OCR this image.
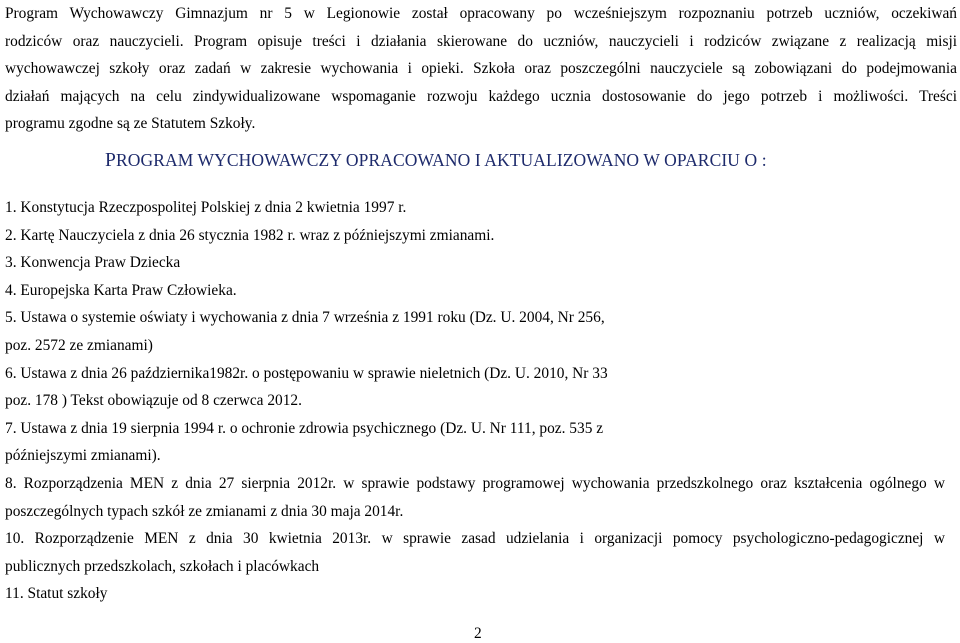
Program Wychowawczy Gimnazjum nr 5 w Legionowie został opracowany po wcześniejszym rozpoznaniu potrzeb uczniów, oczekiwań
rodziców oraz nauczycieli. Program opisuje treści i działania skierowane do uczniów, nauczycieli i rodziców związane z realizacją misji
wychowawczej szkoły oraz zadań w zakresie wychowania i opieki. Szkoła oraz poszczególni nauczyciele są zobowiązani do podejmowania
działań mających na celu zindywidualizowane wspomaganie rozwoju każdego ucznia dostosowanie do jego potrzeb i możliwości. Treści
programu zgodne są ze Statutem Szkoły.

PROGRAM WYCHOWAWCZY OPRACOWANO I AKTUALIZOWANO W OPARCIU O :
1. Konstytucja Rzeczpospolitej Polskiej z dnia 2 kwietnia 1997 r.
2. Kartę Nauczyciela z dnia 26 stycznia 1982 r. wraz z późniejszymi zmianami.
3. Konwencja Praw Dziecka
4. Europejska Karta Praw Człowieka.
5. Ustawa o systemie oświaty i wychowania z dnia 7 września z 1991 roku (Dz. U. 2004, Nr 256,
poz. 2572 ze zmianami)
6. Ustawa z dnia 26 października1982r. o postępowaniu w sprawie nieletnich (Dz. U. 2010, Nr 33
poz. 178 ) Tekst obowiązuje od 8 czerwca 2012.
7. Ustawa z dnia 19 sierpnia 1994 r. o ochronie zdrowia psychicznego (Dz. U. Nr 111, poz. 535 z
późniejszymi zmianami).
8. Rozporządzenia MEN z dnia 27 sierpnia 2012r. w sprawie podstawy programowej wychowania przedszkolnego oraz kształcenia ogólnego w
poszczególnych typach szkół ze zmianami z dnia 30 maja 2014r.
10. Rozporządzenie MEN z dnia 30 kwietnia 2013r. w sprawie zasad udzielania i organizacji pomocy psychologiczno-pedagogicznej w
publicznych przedszkolach, szkołach i placówkach
11. Statut szkoły
2
